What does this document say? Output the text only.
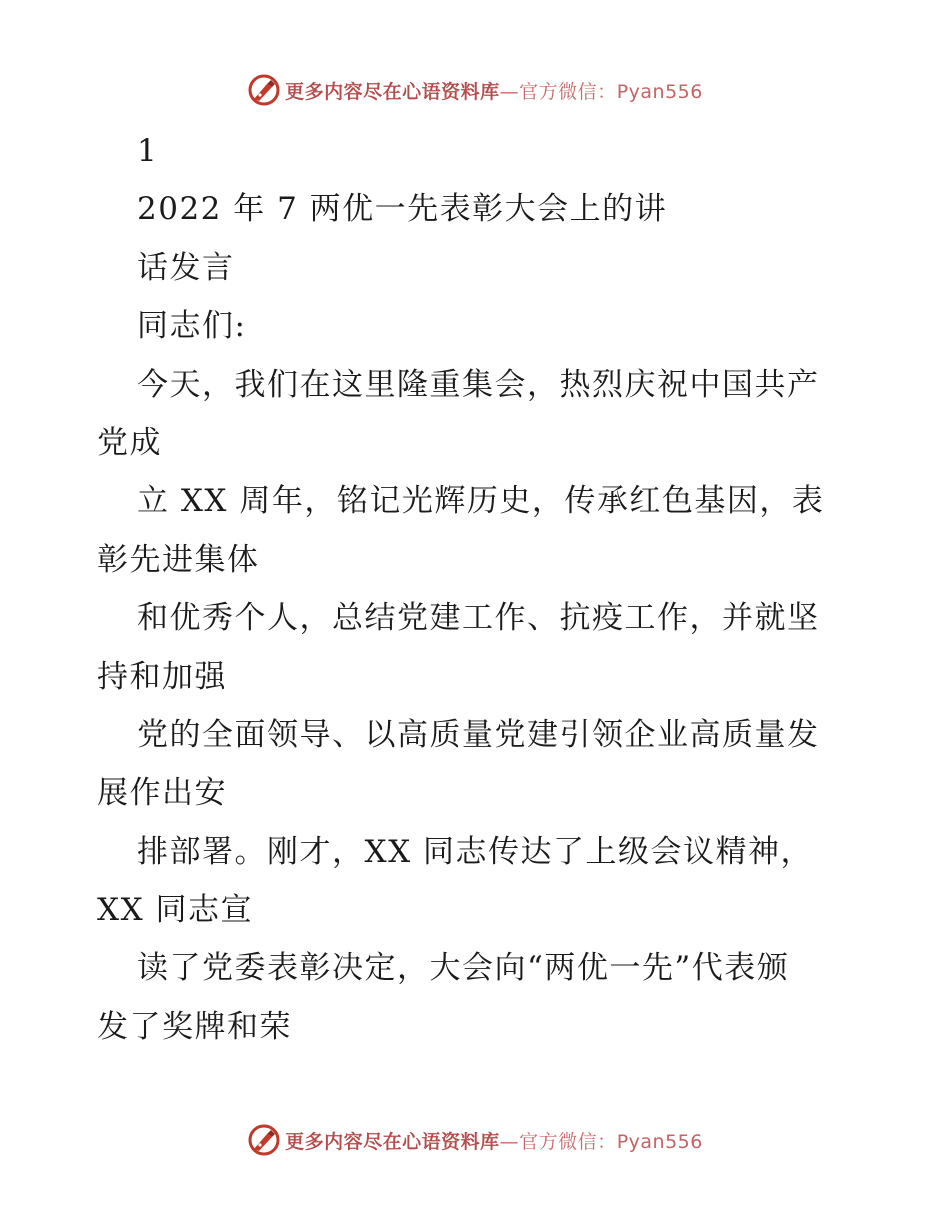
更多内容尽在心语资料库—官方微信：Pyan556
1
2022 年 7 两优一先表彰大会上的讲
话发言
同志们:
今天，我们在这里隆重集会，热烈庆祝中国共产
党成
立 XX 周年，铭记光辉历史，传承红色基因，表
彰先进集体
和优秀个人，总结党建工作、抗疫工作，并就坚
持和加强
党的全面领导、以高质量党建引领企业高质量发
展作出安
排部署。刚才，XX 同志传达了上级会议精神，
XX 同志宣
读了党委表彰决定，大会向“两优一先”代表颁
发了奖牌和荣
更多内容尽在心语资料库—官方微信：Pyan556
